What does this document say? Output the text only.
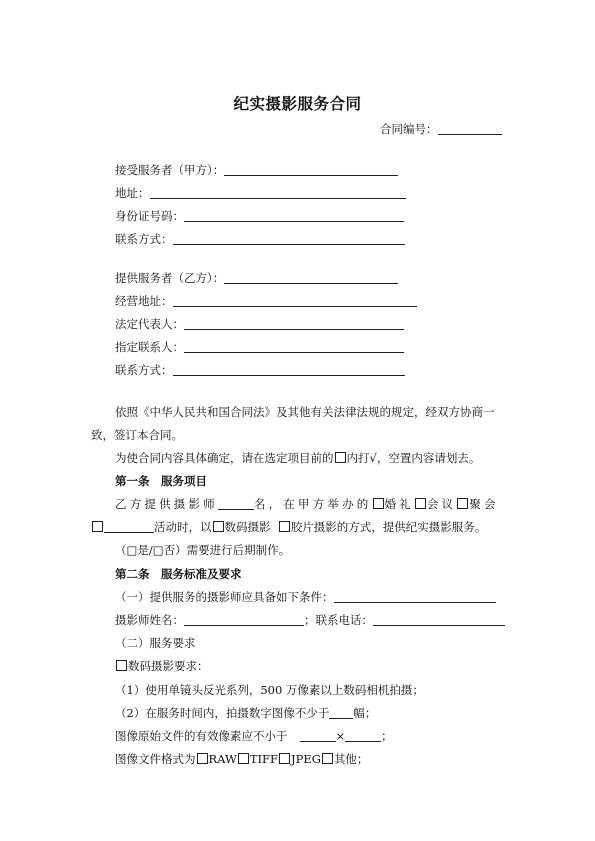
纪实摄影服务合同
合同编号：
接受服务者（甲方）：
地址：
身份证号码：
联系方式：
提供服务者（乙方）：
经营地址：
法定代表人：
指定联系人：
联系方式：
依照《中华人民共和国合同法》及其他有关法律法规的规定，经双方协商一
致，签订本合同。
为使合同内容具体确定，请在选定项目前的 内打√，空置内容请划去。
第一条　服务项目
乙方提供摄影师	名，在甲方举办的 婚礼 会议 聚会
活动时，以 数码摄影 胶片摄影的方式，提供纪实摄影服务。
（□是/□否）需要进行后期制作。
第二条　服务标准及要求
（一）提供服务的摄影师应具备如下条件：
摄影师姓名：	；联系电话：
（二）服务要求
数码摄影要求：
（1）使用单镜头反光系列，500 万像素以上数码相机拍摄；
（2）在服务时间内，拍摄数字图像不少于 幅；
图像原始文件的有效像素应不小于	×	；
图像文件格式为 RAW TIFF JPEG 其他；
